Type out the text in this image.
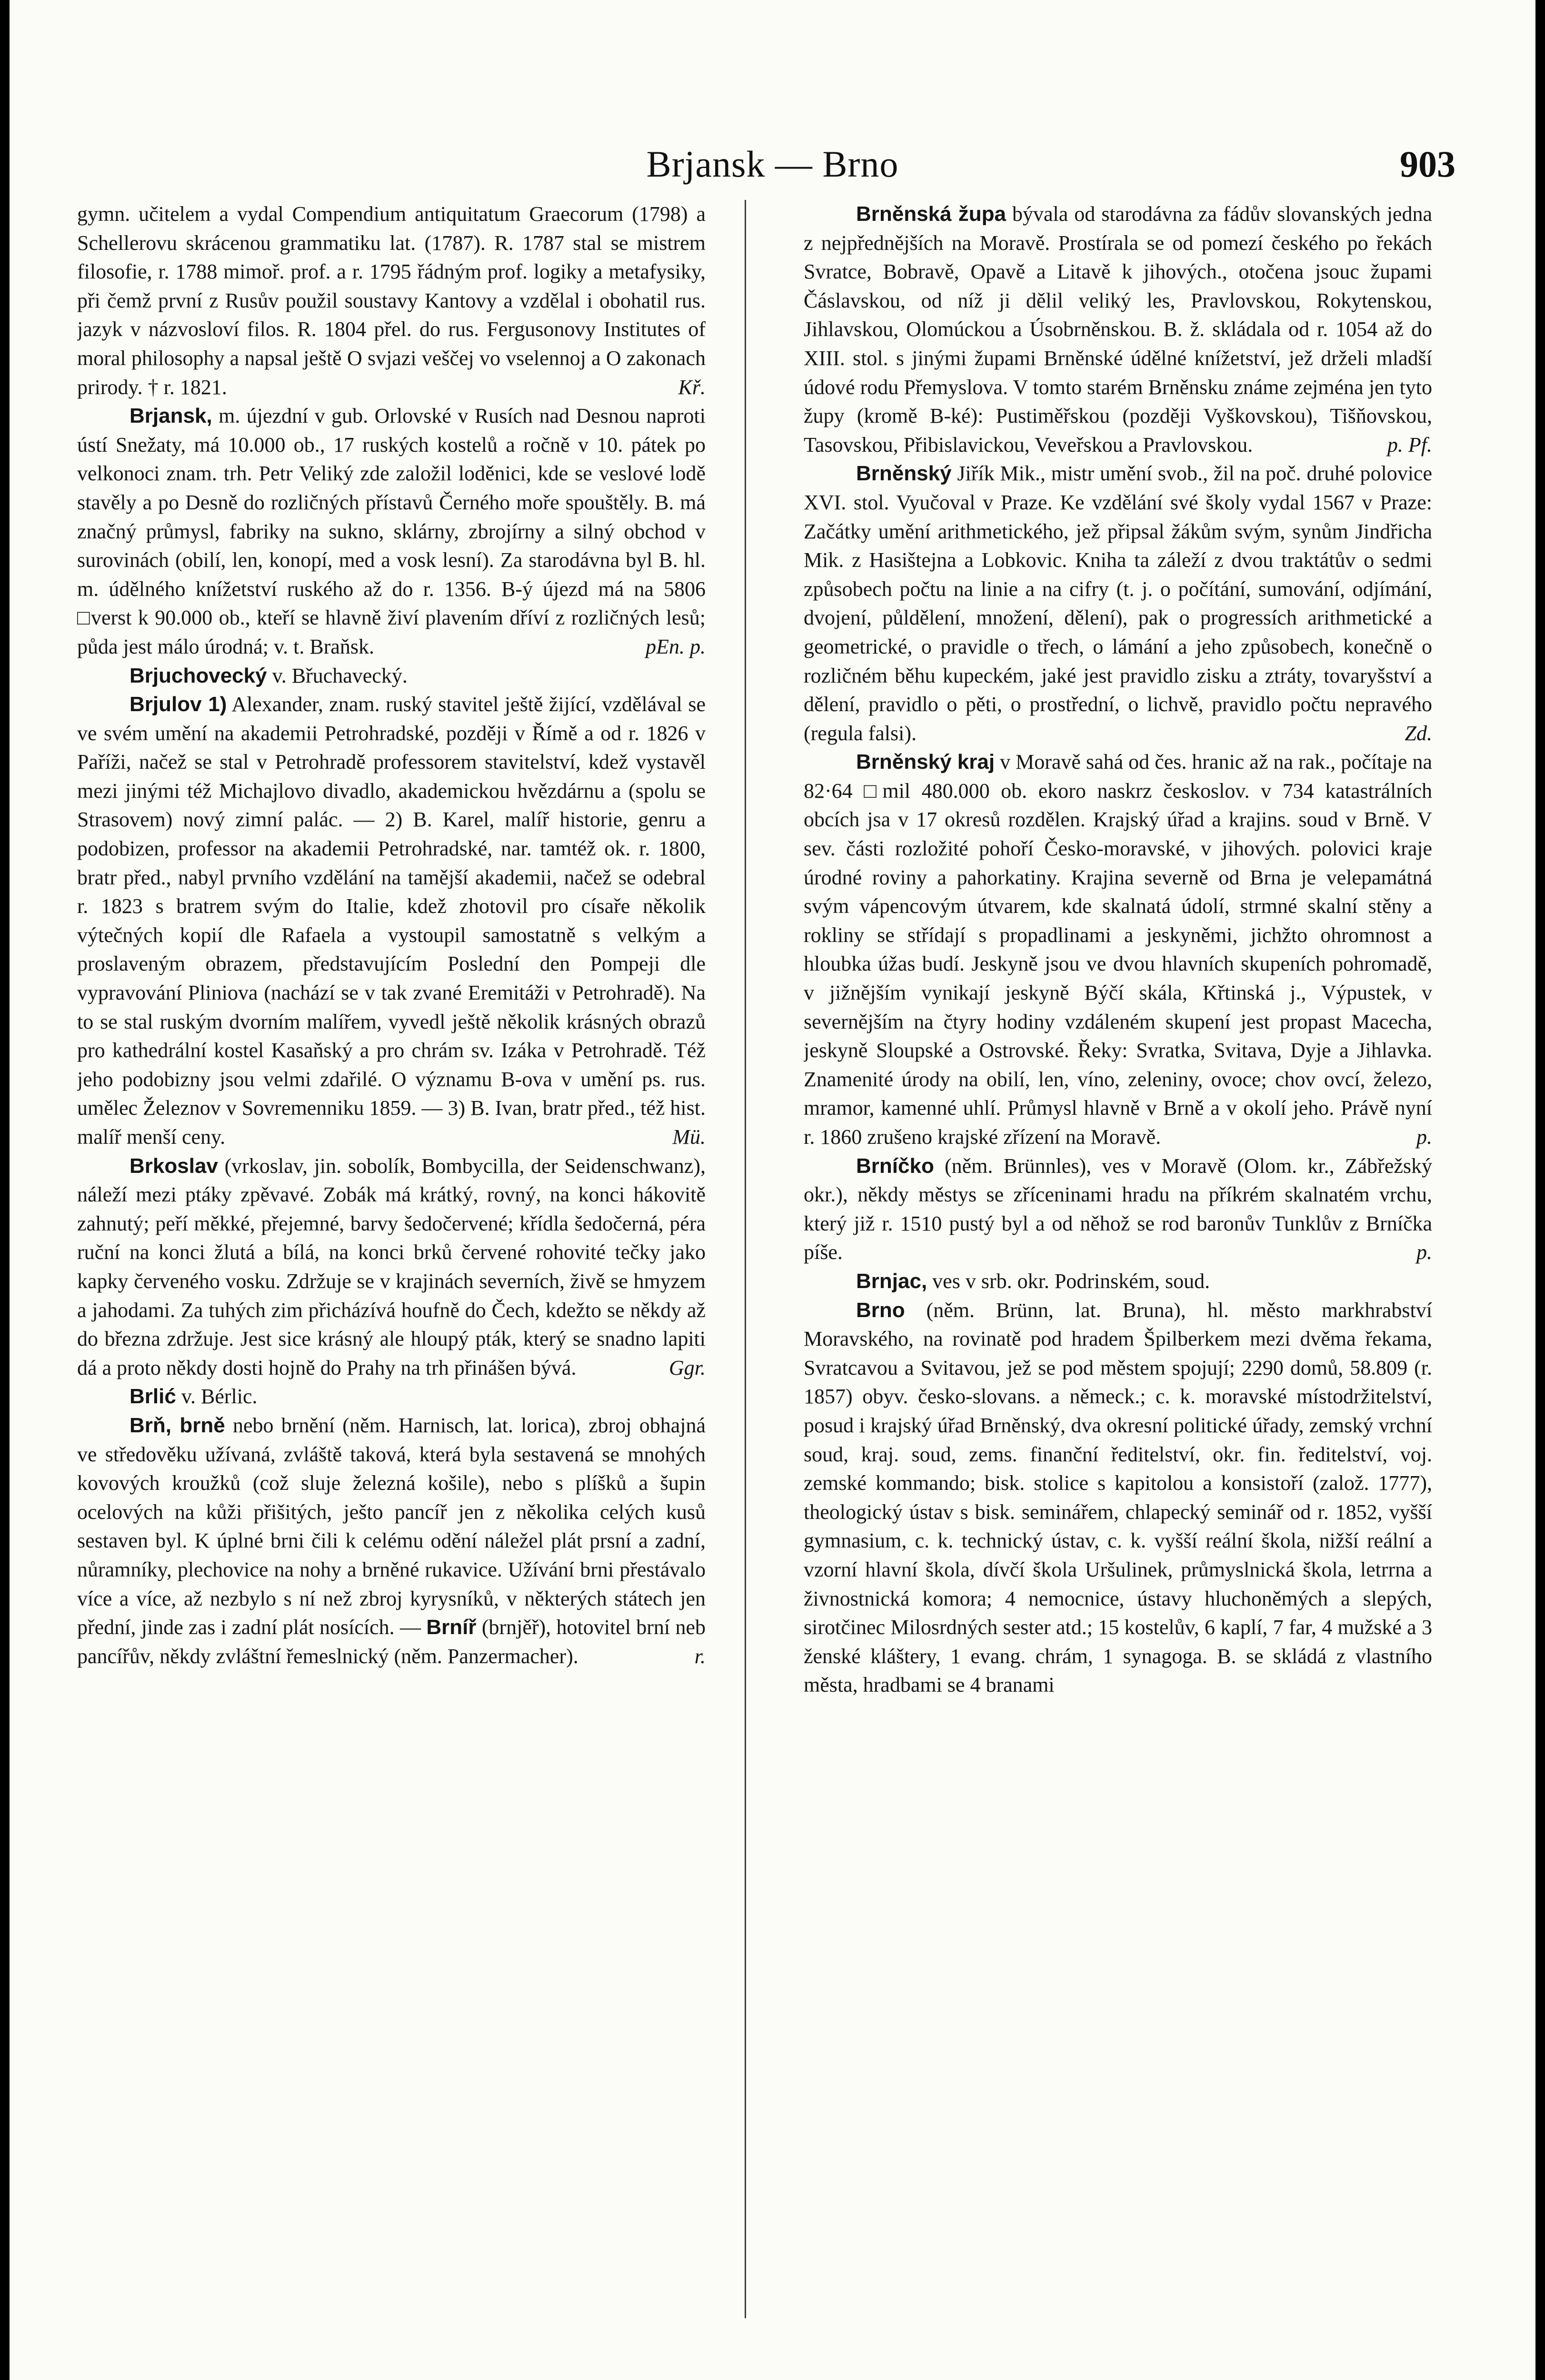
Brjansk — Brno	903

gymn. učitelem a vydal Compendium antiquitatum Graecorum (1798) a Schellerovu skrácenou grammatiku lat. (1787). R. 1787 stal se mistrem filosofie, r. 1788 mimoř. prof. a r. 1795 řádným prof. logiky a metafysiky, při čemž první z Rusův použil soustavy Kantovy a vzdělal i obohatil rus. jazyk v názvosloví filos. R. 1804 přel. do rus. Fergusonovy Institutes of moral philosophy a napsal ještě O svjazi veščej vo vselennoj a O zakonach prirody. † r. 1821.	Kř.

Brjansk, m. újezdní v gub. Orlovské v Rusích nad Desnou naproti ústí Snežaty, má 10.000 ob., 17 ruských kostelů a ročně v 10. pátek po velkonoci znam. trh. Petr Veliký zde založil loděnici, kde se veslové lodě stavěly a po Desně do rozličných přístavů Černého moře spouštěly. B. má značný průmysl, fabriky na sukno, sklárny, zbrojírny a silný obchod v surovinách (obilí, len, konopí, med a vosk lesní). Za starodávna byl B. hl. m. údělného knížetství ruského až do r. 1356. B-ý újezd má na 5806 □verst k 90.000 ob., kteří se hlavně živí plavením dříví z rozličných lesů; půda jest málo úrodná; v. t. Braňsk.	pEn. p.

Brjuchovecký v. Břuchavecký.

Brjulov 1) Alexander, znam. ruský stavitel ještě žijící, vzdělával se ve svém umění na akademii Petrohradské, později v Římě a od r. 1826 v Paříži, načež se stal v Petrohradě professorem stavitelství, kdež vystavěl mezi jinými též Michajlovo divadlo, akademickou hvězdárnu a (spolu se Strasovem) nový zimní palác. — 2) B. Karel, malíř historie, genru a podobizen, professor na akademii Petrohradské, nar. tamtéž ok. r. 1800, bratr před., nabyl prvního vzdělání na tamější akademii, načež se odebral r. 1823 s bratrem svým do Italie, kdež zhotovil pro císaře několik výtečných kopií dle Rafaela a vystoupil samostatně s velkým a proslaveným obrazem, představujícím Poslední den Pompeji dle vypravování Pliniova (nachází se v tak zvané Eremitáži v Petrohradě). Na to se stal ruským dvorním malířem, vyvedl ještě několik krásných obrazů pro kathedrální kostel Kasaňský a pro chrám sv. Izáka v Petrohradě. Též jeho podobizny jsou velmi zdařilé. O významu B-ova v umění ps. rus. umělec Železnov v Sovremenniku 1859. — 3) B. Ivan, bratr před., též hist. malíř menší ceny.	Mü.

Brkoslav (vrkoslav, jin. sobolík, Bombycilla, der Seidenschwanz), náleží mezi ptáky zpěvavé. Zobák má krátký, rovný, na konci hákovitě zahnutý; peří měkké, přejemné, barvy šedočervené; křídla šedočerná, péra ruční na konci žlutá a bílá, na konci brků červené rohovité tečky jako kapky červeného vosku. Zdržuje se v krajinách severních, živě se hmyzem a jahodami. Za tuhých zim přicházívá houfně do Čech, kdežto se někdy až do března zdržuje. Jest sice krásný ale hloupý pták, který se snadno lapiti dá a proto někdy dosti hojně do Prahy na trh přinášen bývá.	Ggr.

Brlić v. Bérlic.

Brň, brně nebo brnění (něm. Harnisch, lat. lorica), zbroj obhajná ve středověku užívaná, zvláště taková, která byla sestavená se mnohých kovových kroužků (což sluje železná košile), nebo s plíšků a šupin ocelových na kůži přišitých, ješto pancíř jen z několika celých kusů sestaven byl. K úplné brni čili k celému odění náležel plát prsní a zadní, nůramníky, plechovice na nohy a brněné rukavice. Užívání brni přestávalo více a více, až nezbylo s ní než zbroj kyrysníků, v některých státech jen přední, jinde zas i zadní plát nosících. — Brníř (brnjěř), hotovitel brní neb pancířův, někdy zvláštní řemeslnický (něm. Panzermacher).	r.

Brněnská župa bývala od starodávna za fádův slovanských jedna z nejpřednějších na Moravě. Prostírala se od pomezí českého po řekách Svratce, Bobravě, Opavě a Litavě k jihových., otočena jsouc župami Čáslavskou, od níž ji dělil veliký les, Pravlovskou, Rokytenskou, Jihlavskou, Olomúckou a Úsobrněnskou. B. ž. skládala od r. 1054 až do XIII. stol. s jinými župami Brněnské údělné knížetství, jež drželi mladší údové rodu Přemyslova. V tomto starém Brněnsku známe zejména jen tyto župy (kromě B-ké): Pustiměřskou (později Vyškovskou), Tišňovskou, Tasovskou, Přibislavickou, Veveřskou a Pravlovskou.	p. Pf.

Brněnský Jiřík Mik., mistr umění svob., žil na poč. druhé polovice XVI. stol. Vyučoval v Praze. Ke vzdělání své školy vydal 1567 v Praze: Začátky umění arithmetického, jež připsal žákům svým, synům Jindřicha Mik. z Hasištejna a Lobkovic. Kniha ta záleží z dvou traktátův o sedmi způsobech počtu na linie a na cifry (t. j. o počítání, sumování, odjímání, dvojení, půldělení, množení, dělení), pak o progressích arithmetické a geometrické, o pravidle o třech, o lámání a jeho způsobech, konečně o rozličném běhu kupeckém, jaké jest pravidlo zisku a ztráty, tovaryšství a dělení, pravidlo o pěti, o prostřední, o lichvě, pravidlo počtu nepravého (regula falsi).	Zd.

Brněnský kraj v Moravě sahá od čes. hranic až na rak., počítaje na 82·64 □mil 480.000 ob. ekoro naskrz českoslov. v 734 katastrálních obcích jsa v 17 okresů rozdělen. Krajský úřad a krajins. soud v Brně. V sev. části rozložité pohoří Česko-moravské, v jihových. polovici kraje úrodné roviny a pahorkatiny. Krajina severně od Brna je velepamátná svým vápencovým útvarem, kde skalnatá údolí, strmné skalní stěny a rokliny se střídají s propadlinami a jeskyněmi, jichžto ohromnost a hloubka úžas budí. Jeskyně jsou ve dvou hlavních skupeních pohromadě, v jižnějším vynikají jeskyně Býčí skála, Křtinská j., Výpustek, v severnějším na čtyry hodiny vzdáleném skupení jest propast Macecha, jeskyně Sloupské a Ostrovské. Řeky: Svratka, Svitava, Dyje a Jihlavka. Znamenité úrody na obilí, len, víno, zeleniny, ovoce; chov ovcí, železo, mramor, kamenné uhlí. Průmysl hlavně v Brně a v okolí jeho. Právě nyní r. 1860 zrušeno krajské zřízení na Moravě.	p.

Brníčko (něm. Brünnles), ves v Moravě (Olom. kr., Zábřežský okr.), někdy městys se zříceninami hradu na příkrém skalnatém vrchu, který již r. 1510 pustý byl a od něhož se rod baronův Tunklův z Brníčka píše.	p.

Brnjac, ves v srb. okr. Podrinském, soud.

Brno (něm. Brünn, lat. Bruna), hl. město markhrabství Moravského, na rovinatě pod hradem Špilberkem mezi dvěma řekama, Svratcavou a Svitavou, jež se pod městem spojují; 2290 domů, 58.809 (r. 1857) obyv. česko-slovans. a německ.; c. k. moravské místodržitelství, posud i krajský úřad Brněnský, dva okresní politické úřady, zemský vrchní soud, kraj. soud, zems. finanční ředitelství, okr. fin. ředitelství, voj. zemské kommando; bisk. stolice s kapitolou a konsistoří (založ. 1777), theologický ústav s bisk. seminářem, chlapecký seminář od r. 1852, vyšší gymnasium, c. k. technický ústav, c. k. vyšší reální škola, nižší reální a vzorní hlavní škola, dívčí škola Uršulinek, průmyslnická škola, letrrna a živnostnická komora; 4 nemocnice, ústavy hluchoněmých a slepých, sirotčinec Milosrdných sester atd.; 15 kostelův, 6 kaplí, 7 far, 4 mužské a 3 ženské kláštery, 1 evang. chrám, 1 synagoga. B. se skládá z vlastního města, hradbami se 4 branami
